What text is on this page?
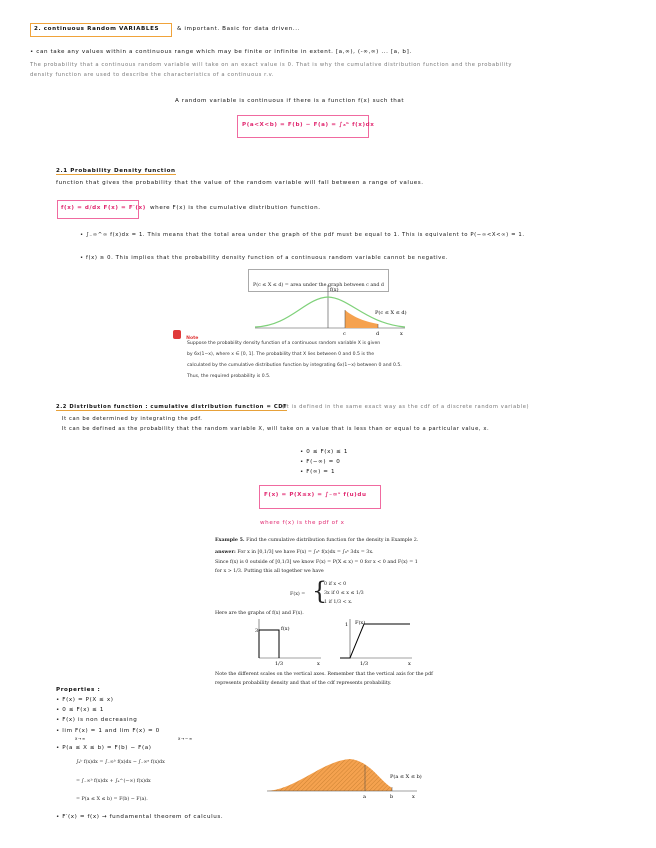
2. continuous Random VARIABLES	& important. Basic for data driven...
• can take any values within a continuous range which may be finite or infinite in extent. [a,∞), (-∞,∞) ... [a, b].
The probability that a continuous random variable will take on an exact value is 0. That is why the cumulative distribution function and the probability
density function are used to describe the characteristics of a continuous r.v.
A random variable is continuous if there is a function f(x) such that
P(a<X<b) = F(b) − F(a) = ∫ₐᵇ f(x)dx
2.1 Probability Density function
function that gives the probability that the value of the random variable will fall between a range of values.
f(x) = d/dx F(x) = F′(x) where F(x) is the cumulative distribution function.
• ∫₋∞^∞ f(x)dx = 1. This means that the total area under the graph of the pdf must be equal to 1. This is equivalent to P(−∞<X<∞) = 1.
• f(x) ≥ 0. This implies that the probability density function of a continuous random variable cannot be negative.
P(c ≤ X ≤ d) = area under the graph between c and d
f(x)
P(c ≤ X ≤ d)
c	d	x
Note
Suppose the probability density function of a continuous random variable X is given
by 6x(1−x), where x ∈ [0, 1]. The probability that X lies between 0 and 0.5 is the
calculated by the cumulative distribution function by integrating 6x(1−x) between 0 and 0.5.
Thus, the required probability is 0.5.
2.2 Distribution function : cumulative distribution function = CDF
(it is defined in the same exact way as the cdf of a discrete random variable)
It can be determined by integrating the pdf.
It can be defined as the probability that the random variable X, will take on a value that is less than or equal to a particular value, x.
• 0 ≤ F(x) ≤ 1
• F(−∞) = 0
• F(∞) = 1
F(x) = P(X≤x) = ∫₋∞ˣ f(u)du
where f(x) is the pdf of x
Example 5. Find the cumulative distribution function for the density in Example 2.
answer: For x in [0,1/3] we have F(x) = ∫₀ˣ f(x)dx = ∫₀ˣ 3dx = 3x.
Since f(x) is 0 outside of [0,1/3] we know F(x) = P(X ≤ x) = 0 for x < 0 and F(x) = 1
for x > 1/3. Putting this all together we have
F(x) = {
0 if x < 0
3x if 0 ≤ x ≤ 1/3
1 if 1/3 < x.
Here are the graphs of f(x) and F(x).
3	f(x)
1/3	x
1 F(x)
1/3	x
Note the different scales on the vertical axes. Remember that the vertical axis for the pdf
represents probability density and that of the cdf represents probability.
Properties :
• F(x) = P(X ≤ x)
• 0 ≤ F(x) ≤ 1
• F(x) is non decreasing
• lim F(x) = 1 and lim F(x) = 0
x→∞	x→−∞
• P(a ≤ X ≤ b) = F(b) − F(a)
∫ₐᵇ f(x)dx = ∫₋∞ᵇ f(x)dx − ∫₋∞ᵃ f(x)dx
= ∫₋∞ᵇ f(x)dx + ∫ₐ^(−∞) f(x)dx
= P(a ≤ X ≤ b) = F(b) − F(a).
• F′(x) = f(x) → fundamental theorem of calculus.
P(a ≤ X ≤ b)
a	b	x
